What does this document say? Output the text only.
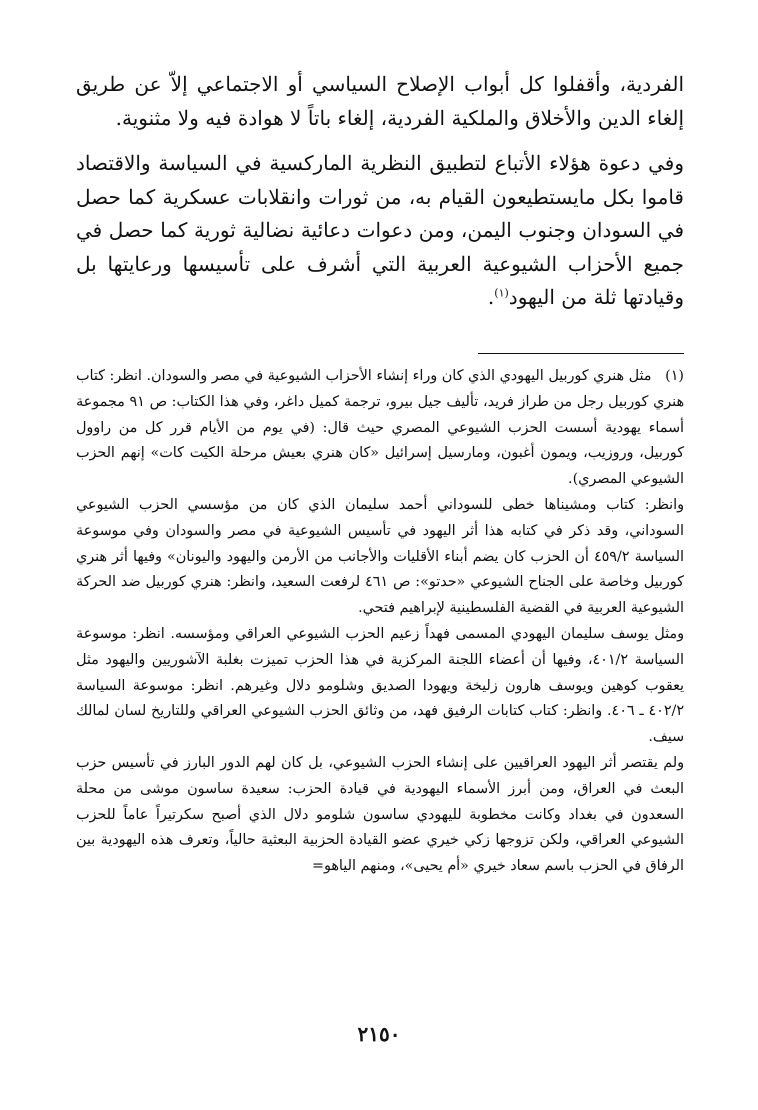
الفردية، وأقفلوا كل أبواب الإصلاح السياسي أو الاجتماعي إلاّ عن طريق إلغاء الدين والأخلاق والملكية الفردية، إلغاء باتاً لا هوادة فيه ولا مثنوية.

وفي دعوة هؤلاء الأتباع لتطبيق النظرية الماركسية في السياسة والاقتصاد قاموا بكل مايستطيعون القيام به، من ثورات وانقلابات عسكرية كما حصل في السودان وجنوب اليمن، ومن دعوات دعائية نضالية ثورية كما حصل في جميع الأحزاب الشيوعية العربية التي أشرف على تأسيسها ورعايتها بل وقيادتها ثلة من اليهود$^{(١)}$.

(١) مثل هنري كوربيل اليهودي الذي كان وراء إنشاء الأحزاب الشيوعية في مصر والسودان. انظر: كتاب هنري كوربيل رجل من طراز فريد، تأليف جيل بيرو، ترجمة كميل داغر، وفي هذا الكتاب: ص ٩١ مجموعة أسماء يهودية أسست الحزب الشيوعي المصري حيث قال: (في يوم من الأيام قرر كل من راوول كوربيل، وروزيب، ويمون أغبون، ومارسيل إسرائيل «كان هنري بعيش مرحلة الكيت كات» إنهم الحزب الشيوعي المصري).

وانظر: كتاب ومشيناها خطى للسوداني أحمد سليمان الذي كان من مؤسسي الحزب الشيوعي السوداني، وقد ذكر في كتابه هذا أثر اليهود في تأسيس الشيوعية في مصر والسودان وفي موسوعة السياسة ٤٥٩/٢ أن الحزب كان يضم أبناء الأقليات والأجانب من الأرمن واليهود واليونان» وفيها أثر هنري كوربيل وخاصة على الجناح الشيوعي «حدتو»: ص ٤٦١ لرفعت السعيد، وانظر: هنري كوربيل ضد الحركة الشيوعية العربية في القضية الفلسطينية لإبراهيم فتحي.

ومثل يوسف سليمان اليهودي المسمى فهداً زعيم الحزب الشيوعي العراقي ومؤسسه. انظر: موسوعة السياسة ٤٠١/٢، وفيها أن أعضاء اللجنة المركزية في هذا الحزب تميزت بغلبة الآشوريين واليهود مثل يعقوب كوهين ويوسف هارون زليخة ويهودا الصديق وشلومو دلال وغيرهم. انظر: موسوعة السياسة ٤٠٢/٢ ـ ٤٠٦. وانظر: كتاب كتابات الرفيق فهد، من وثائق الحزب الشيوعي العراقي وللتاريخ لسان لمالك سيف.

ولم يقتصر أثر اليهود العراقيين على إنشاء الحزب الشيوعي، بل كان لهم الدور البارز في تأسيس حزب البعث في العراق، ومن أبرز الأسماء اليهودية في قيادة الحزب: سعيدة ساسون موشى من محلة السعدون في بغداد وكانت مخطوبة لليهودي ساسون شلومو دلال الذي أصبح سكرتيراً عاماً للحزب الشيوعي العراقي، ولكن تزوجها زكي خيري عضو القيادة الحزبية البعثية حالياً، وتعرف هذه اليهودية بين الرفاق في الحزب باسم سعاد خيري «أم يحيى»، ومنهم الياهو=

٢١٥٠
